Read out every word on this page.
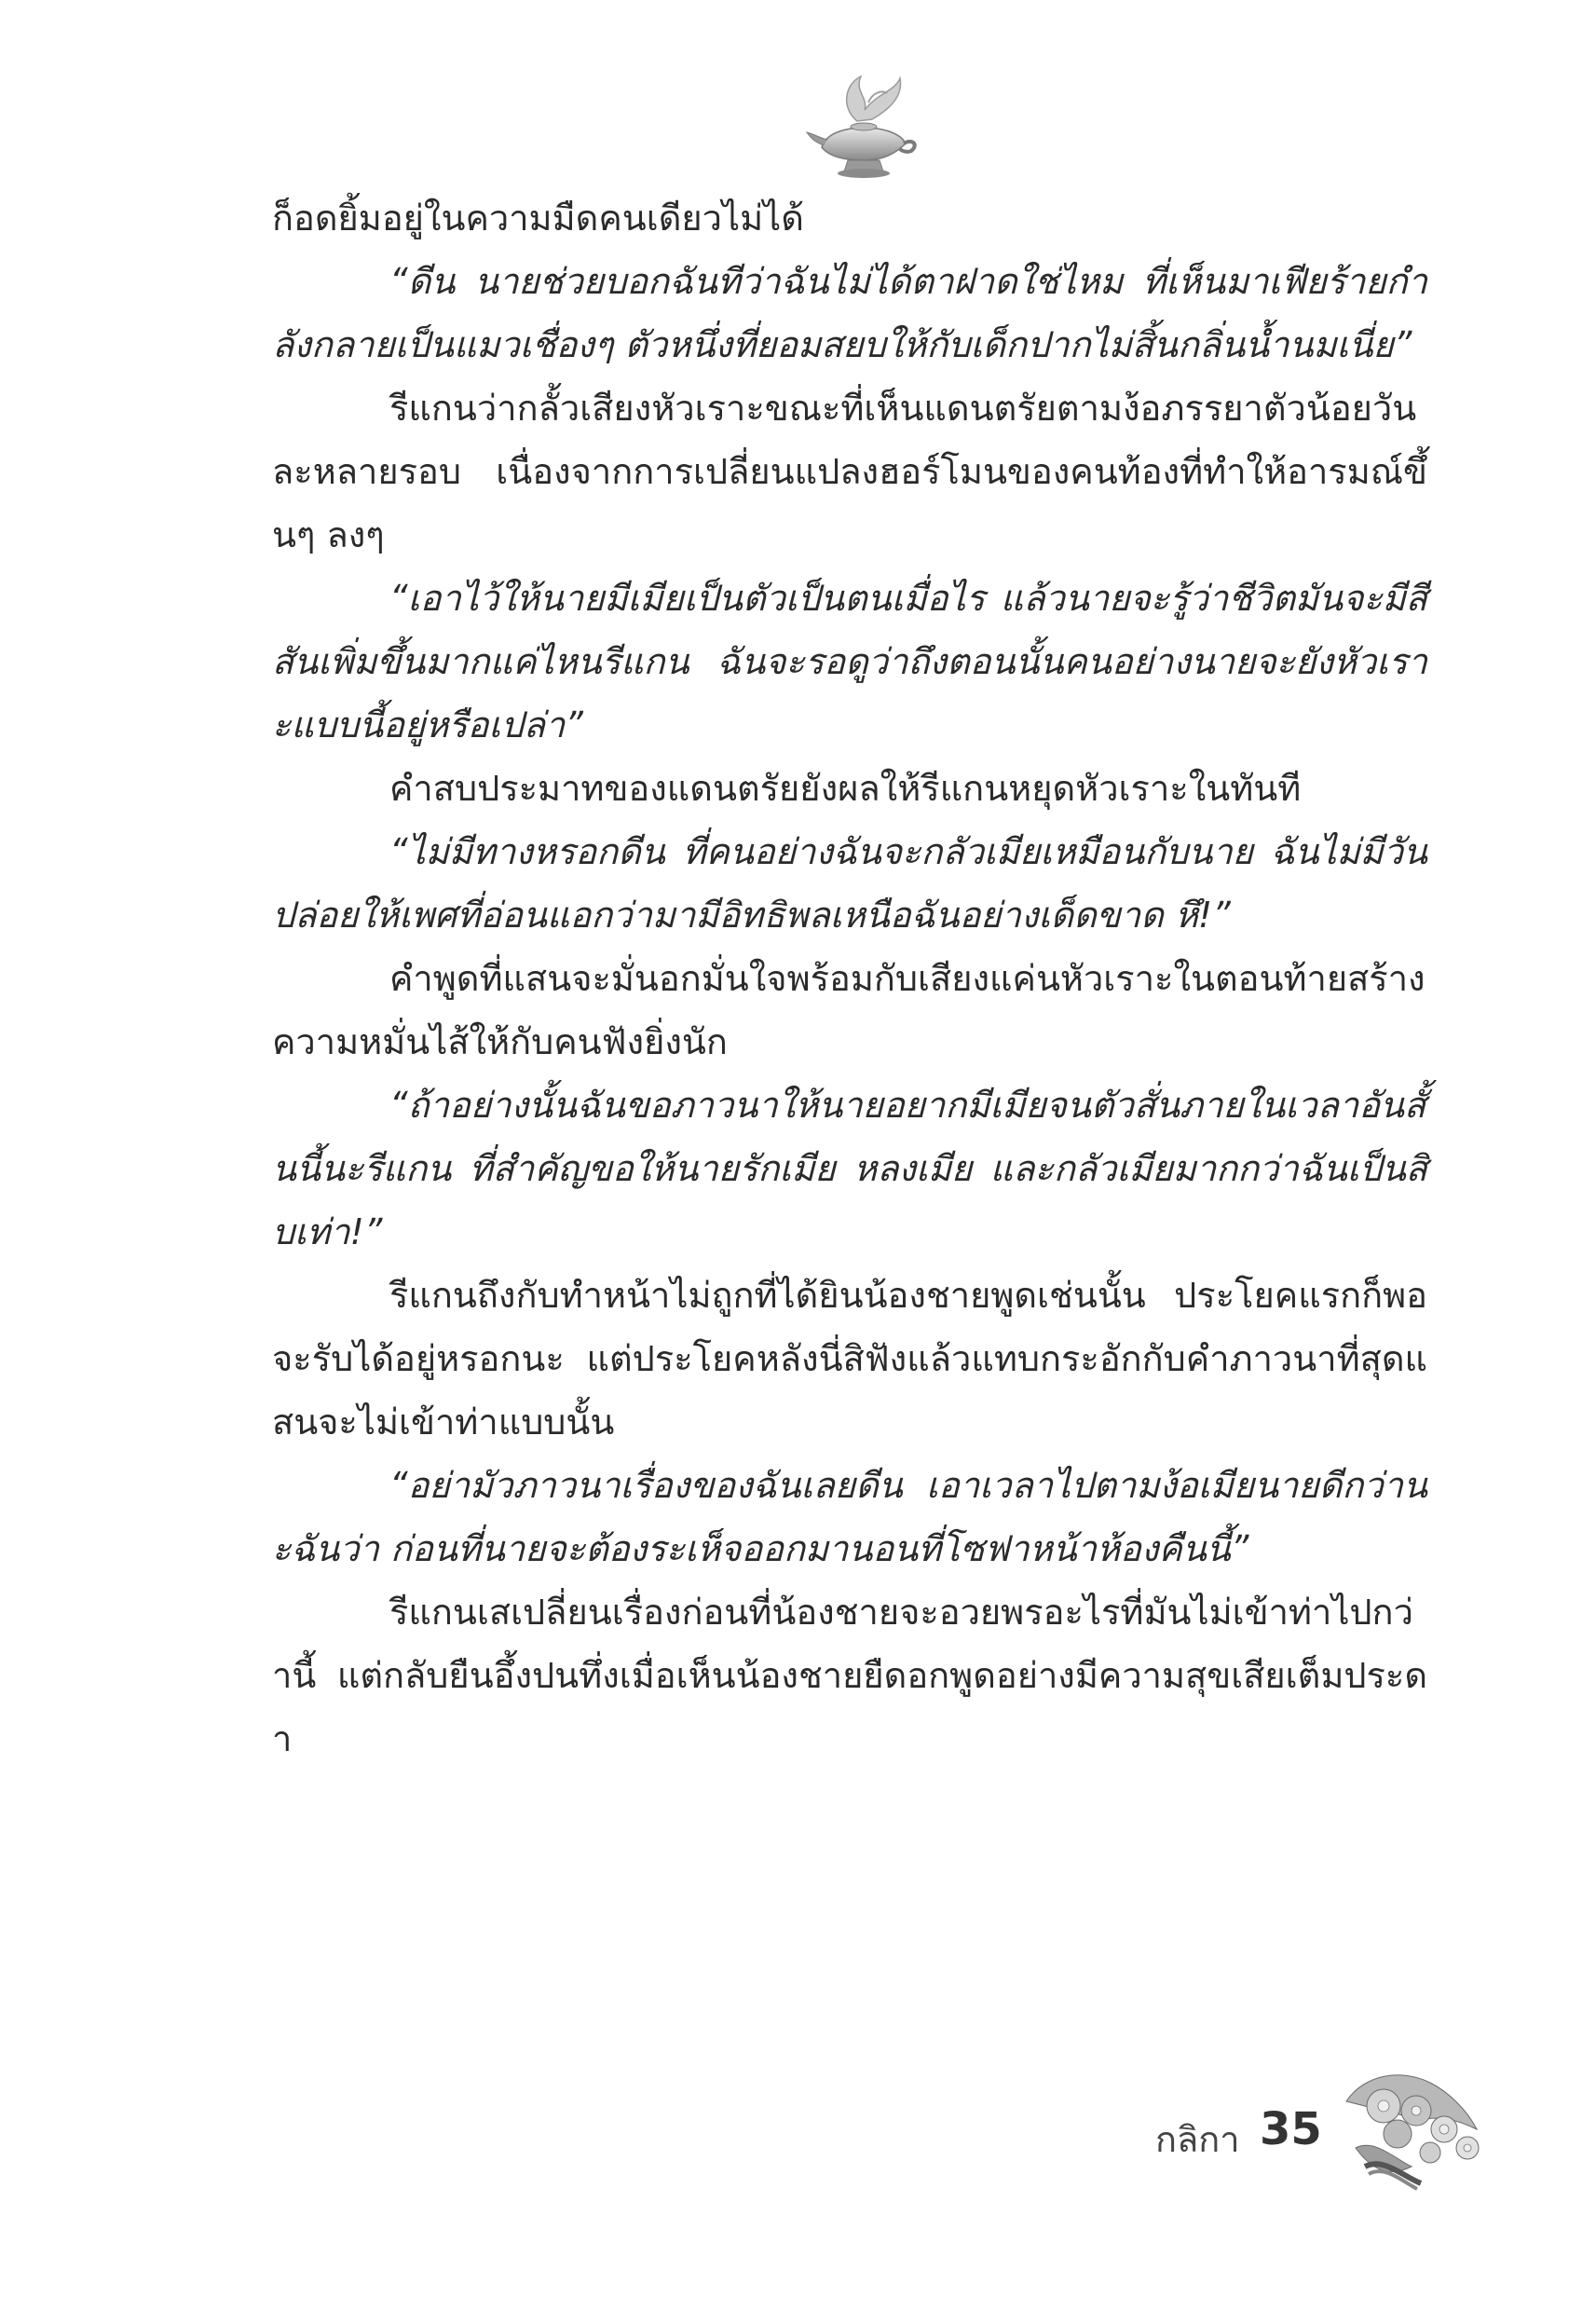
ก็อดยิ้มอยู่ในความมืดคนเดียวไม่ได้

“ดีน นายช่วยบอกฉันทีว่าฉันไม่ได้ตาฝาดใช่ไหม ที่เห็นมาเฟียร้ายกำลังกลายเป็นแมวเชื่องๆ ตัวหนึ่งที่ยอมสยบให้กับเด็กปากไม่สิ้นกลิ่นน้ำนมเนี่ย”

รีแกนว่ากลั้วเสียงหัวเราะขณะที่เห็นแดนตรัยตามง้อภรรยาตัวน้อยวันละหลายรอบ เนื่องจากการเปลี่ยนแปลงฮอร์โมนของคนท้องที่ทำให้อารมณ์ขึ้นๆ ลงๆ

“เอาไว้ให้นายมีเมียเป็นตัวเป็นตนเมื่อไร แล้วนายจะรู้ว่าชีวิตมันจะมีสีสันเพิ่มขึ้นมากแค่ไหนรีแกน ฉันจะรอดูว่าถึงตอนนั้นคนอย่างนายจะยังหัวเราะแบบนี้อยู่หรือเปล่า”

คำสบประมาทของแดนตรัยยังผลให้รีแกนหยุดหัวเราะในทันที

“ไม่มีทางหรอกดีน ที่คนอย่างฉันจะกลัวเมียเหมือนกับนาย ฉันไม่มีวันปล่อยให้เพศที่อ่อนแอกว่ามามีอิทธิพลเหนือฉันอย่างเด็ดขาด หึ!”

คำพูดที่แสนจะมั่นอกมั่นใจพร้อมกับเสียงแค่นหัวเราะในตอนท้ายสร้างความหมั่นไส้ให้กับคนฟังยิ่งนัก

“ถ้าอย่างนั้นฉันขอภาวนาให้นายอยากมีเมียจนตัวสั่นภายในเวลาอันสั้นนี้นะรีแกน ที่สำคัญขอให้นายรักเมีย หลงเมีย และกลัวเมียมากกว่าฉันเป็นสิบเท่า!”

รีแกนถึงกับทำหน้าไม่ถูกที่ได้ยินน้องชายพูดเช่นนั้น ประโยคแรกก็พอจะรับได้อยู่หรอกนะ แต่ประโยคหลังนี่สิฟังแล้วแทบกระอักกับคำภาวนาที่สุดแสนจะไม่เข้าท่าแบบนั้น

“อย่ามัวภาวนาเรื่องของฉันเลยดีน เอาเวลาไปตามง้อเมียนายดีกว่านะฉันว่า ก่อนที่นายจะต้องระเห็จออกมานอนที่โซฟาหน้าห้องคืนนี้”

รีแกนเสเปลี่ยนเรื่องก่อนที่น้องชายจะอวยพรอะไรที่มันไม่เข้าท่าไปกว่านี้ แต่กลับยืนอึ้งปนทึ่งเมื่อเห็นน้องชายยืดอกพูดอย่างมีความสุขเสียเต็มประดา

กลิกา 35
